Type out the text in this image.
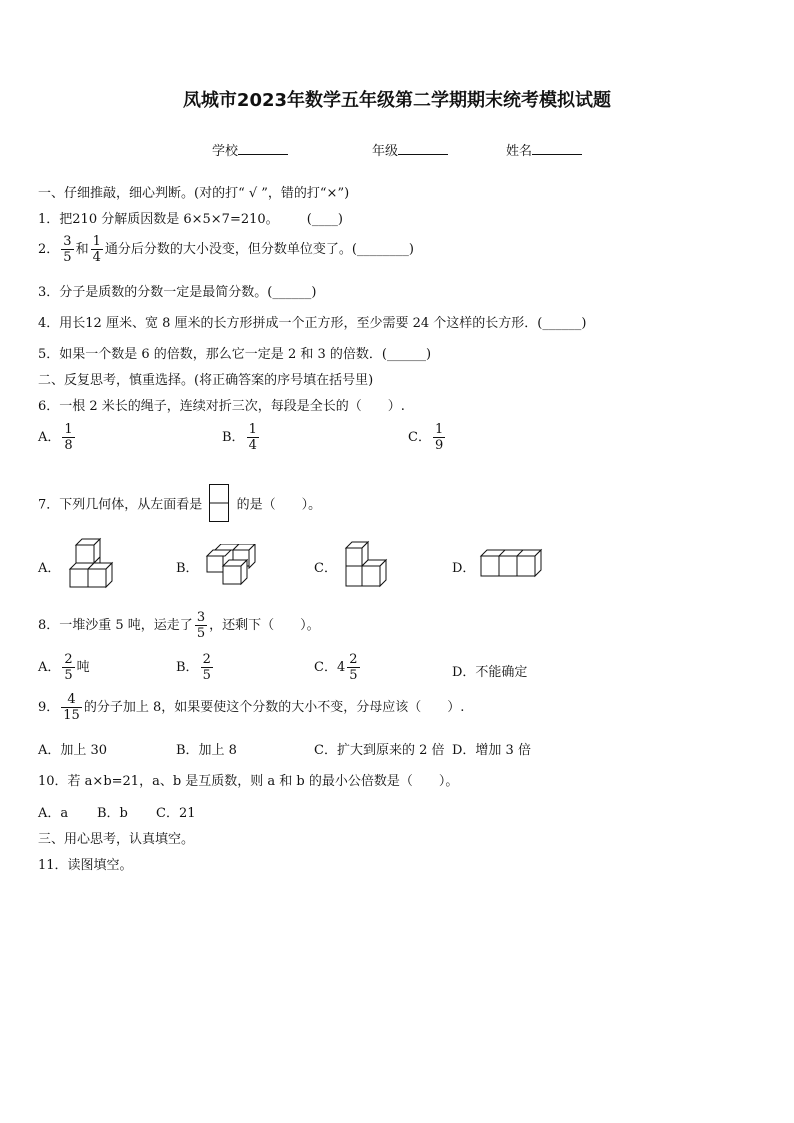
凤城市2023年数学五年级第二学期期末统考模拟试题
学校	年级	姓名
一、仔细推敲，细心判断。(对的打“ √ ”，错的打“×”)
1．把210 分解质因数是 6×5×7=210。 (____)
2． $\frac{3}{5}$ 和 $\frac{1}{4}$ 通分后分数的大小没变，但分数单位变了。(________)
3．分子是质数的分数一定是最简分数。(______)
4．用长12 厘米、宽 8 厘米的长方形拼成一个正方形，至少需要 24 个这样的长方形．(______)
5．如果一个数是 6 的倍数，那么它一定是 2 和 3 的倍数．(______)
二、反复思考，慎重选择。(将正确答案的序号填在括号里)
6．一根 2 米长的绳子，连续对折三次，每段是全长的（　　）.
A． $\frac{1}{8}$	B． $\frac{1}{4}$	C． $\frac{1}{9}$
7．下列几何体，从左面看是	的是（　　）。
A．	B．	C．	D．
8．一堆沙重 5 吨，运走了 $\frac{3}{5}$ ，还剩下（　　）。
A． $\frac{2}{5}$ 吨	B． $\frac{2}{5}$	C．$4 \frac{2}{5}$	D．不能确定
9． $\frac{4}{15}$ 的分子加上 8，如果要使这个分数的大小不变，分母应该（　　）.
A．加上 30	B．加上 8	C．扩大到原来的 2 倍 D．增加 3 倍
10．若 a×b=21，a、b 是互质数，则 a 和 b 的最小公倍数是（　　）。
A．a B．b C．21
三、用心思考，认真填空。
11．读图填空。
